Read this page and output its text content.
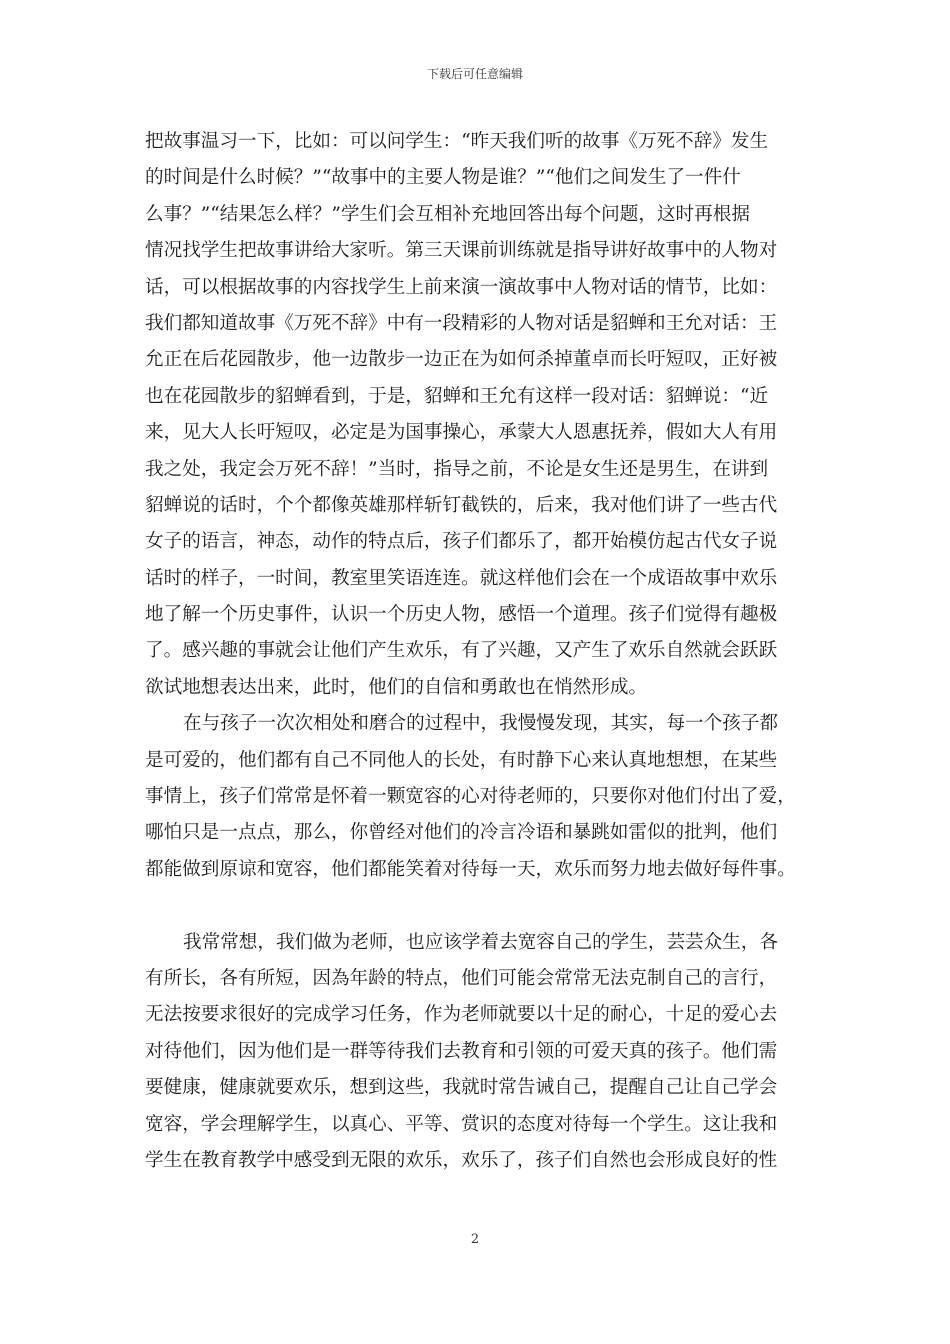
下载后可任意编辑
把故事温习一下，比如：可以问学生：“昨天我们听的故事《万死不辞》发生
的时间是什么时候？”“故事中的主要人物是谁？”“他们之间发生了一件什
么事？”“结果怎么样？”学生们会互相补充地回答出每个问题，这时再根据
情况找学生把故事讲给大家听。第三天课前训练就是指导讲好故事中的人物对
话，可以根据故事的内容找学生上前来演一演故事中人物对话的情节，比如：
我们都知道故事《万死不辞》中有一段精彩的人物对话是貂蝉和王允对话：王
允正在后花园散步，他一边散步一边正在为如何杀掉董卓而长吁短叹，正好被
也在花园散步的貂蝉看到，于是，貂蝉和王允有这样一段对话：貂蝉说：“近
来，见大人长吁短叹，必定是为国事操心，承蒙大人恩惠抚养，假如大人有用
我之处，我定会万死不辞！”当时，指导之前，不论是女生还是男生，在讲到
貂蝉说的话时，个个都像英雄那样斩钉截铁的，后来，我对他们讲了一些古代
女子的语言，神态，动作的特点后，孩子们都乐了，都开始模仿起古代女子说
话时的样子，一时间，教室里笑语连连。就这样他们会在一个成语故事中欢乐
地了解一个历史事件，认识一个历史人物，感悟一个道理。孩子们觉得有趣极
了。感兴趣的事就会让他们产生欢乐，有了兴趣，又产生了欢乐自然就会跃跃
欲试地想表达出来，此时，他们的自信和勇敢也在悄然形成。
在与孩子一次次相处和磨合的过程中，我慢慢发现，其实，每一个孩子都
是可爱的，他们都有自己不同他人的长处，有时静下心来认真地想想，在某些
事情上，孩子们常常是怀着一颗宽容的心对待老师的，只要你对他们付出了爱，
哪怕只是一点点，那么，你曾经对他们的冷言冷语和暴跳如雷似的批判，他们
都能做到原谅和宽容，他们都能笑着对待每一天，欢乐而努力地去做好每件事。
我常常想，我们做为老师，也应该学着去宽容自己的学生，芸芸众生，各
有所长，各有所短，因為年龄的特点，他们可能会常常无法克制自己的言行，
无法按要求很好的完成学习任务，作为老师就要以十足的耐心，十足的爱心去
对待他们，因为他们是一群等待我们去教育和引领的可爱天真的孩子。他们需
要健康，健康就要欢乐，想到这些，我就时常告诫自己，提醒自己让自己学会
宽容，学会理解学生，以真心、平等、赏识的态度对待每一个学生。这让我和
学生在教育教学中感受到无限的欢乐，欢乐了，孩子们自然也会形成良好的性
2
